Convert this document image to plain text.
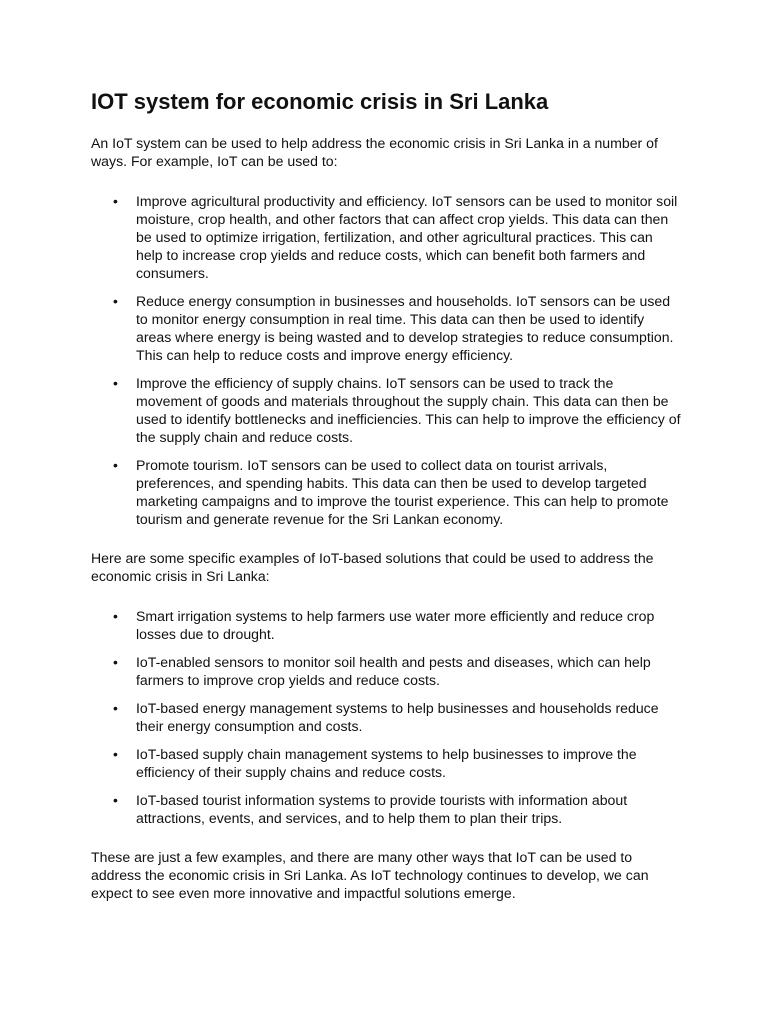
IOT system for economic crisis in Sri Lanka

An IoT system can be used to help address the economic crisis in Sri Lanka in a number of ways. For example, IoT can be used to:

• Improve agricultural productivity and efficiency. IoT sensors can be used to monitor soil moisture, crop health, and other factors that can affect crop yields. This data can then be used to optimize irrigation, fertilization, and other agricultural practices. This can help to increase crop yields and reduce costs, which can benefit both farmers and consumers.
• Reduce energy consumption in businesses and households. IoT sensors can be used to monitor energy consumption in real time. This data can then be used to identify areas where energy is being wasted and to develop strategies to reduce consumption. This can help to reduce costs and improve energy efficiency.
• Improve the efficiency of supply chains. IoT sensors can be used to track the movement of goods and materials throughout the supply chain. This data can then be used to identify bottlenecks and inefficiencies. This can help to improve the efficiency of the supply chain and reduce costs.
• Promote tourism. IoT sensors can be used to collect data on tourist arrivals, preferences, and spending habits. This data can then be used to develop targeted marketing campaigns and to improve the tourist experience. This can help to promote tourism and generate revenue for the Sri Lankan economy.

Here are some specific examples of IoT-based solutions that could be used to address the economic crisis in Sri Lanka:

• Smart irrigation systems to help farmers use water more efficiently and reduce crop losses due to drought.
• IoT-enabled sensors to monitor soil health and pests and diseases, which can help farmers to improve crop yields and reduce costs.
• IoT-based energy management systems to help businesses and households reduce their energy consumption and costs.
• IoT-based supply chain management systems to help businesses to improve the efficiency of their supply chains and reduce costs.
• IoT-based tourist information systems to provide tourists with information about attractions, events, and services, and to help them to plan their trips.

These are just a few examples, and there are many other ways that IoT can be used to address the economic crisis in Sri Lanka. As IoT technology continues to develop, we can expect to see even more innovative and impactful solutions emerge.
